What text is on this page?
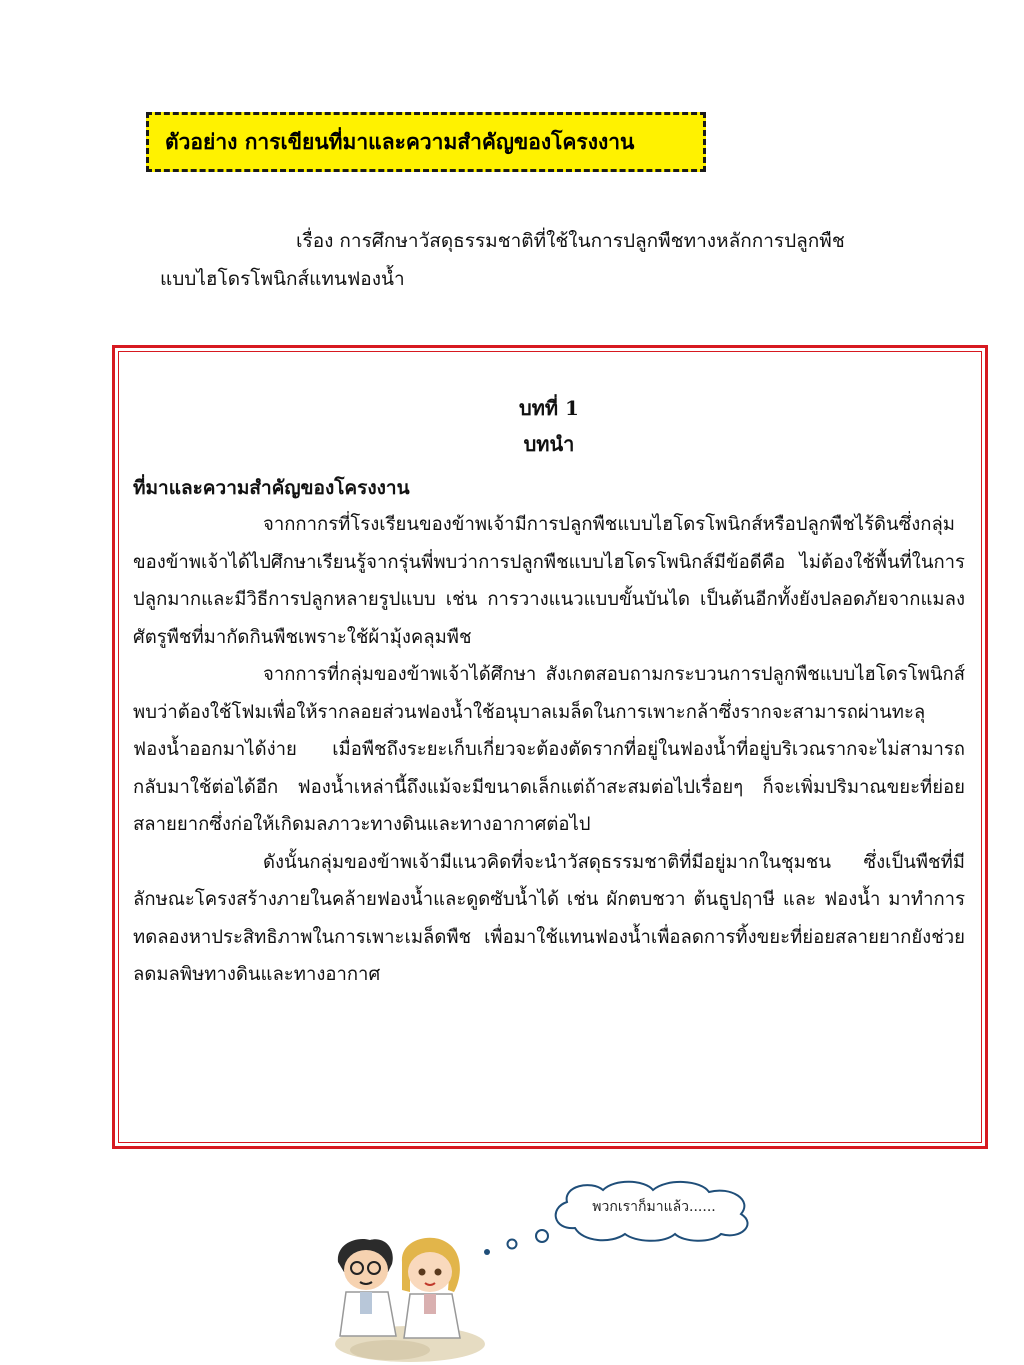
ตัวอย่าง การเขียนที่มาและความสำคัญของโครงงาน
เรื่อง การศึกษาวัสดุธรรมชาติที่ใช้ในการปลูกพืชทางหลักการปลูกพืช
แบบไฮโดรโพนิกส์แทนฟองน้ำ
บทที่ 1
บทนำ
ที่มาและความสำคัญของโครงงาน

จากกากรที่โรงเรียนของข้าพเจ้ามีการปลูกพืชแบบไฮโดรโพนิกส์หรือปลูกพืชไร้ดินซึ่งกลุ่มของข้าพเจ้าได้ไปศึกษาเรียนรู้จากรุ่นพี่พบว่าการปลูกพืชแบบไฮโดรโพนิกส์มีข้อดีคือ ไม่ต้องใช้พื้นที่ในการปลูกมากและมีวิธีการปลูกหลายรูปแบบ เช่น การวางแนวแบบขั้นบันได เป็นต้นอีกทั้งยังปลอดภัยจากแมลงศัตรูพืชที่มากัดกินพืชเพราะใช้ผ้ามุ้งคลุมพืช

จากการที่กลุ่มของข้าพเจ้าได้ศึกษา สังเกตสอบถามกระบวนการปลูกพืชแบบไฮโดรโพนิกส์พบว่าต้องใช้โฟมเพื่อให้รากลอยส่วนฟองน้ำใช้อนุบาลเมล็ดในการเพาะกล้าซึ่งรากจะสามารถผ่านทะลุฟองน้ำออกมาได้ง่าย เมื่อพืชถึงระยะเก็บเกี่ยวจะต้องตัดรากที่อยู่ในฟองน้ำที่อยู่บริเวณรากจะไม่สามารถกลับมาใช้ต่อได้อีก ฟองน้ำเหล่านี้ถึงแม้จะมีขนาดเล็กแต่ถ้าสะสมต่อไปเรื่อยๆ ก็จะเพิ่มปริมาณขยะที่ย่อยสลายยากซึ่งก่อให้เกิดมลภาวะทางดินและทางอากาศต่อไป

ดังนั้นกลุ่มของข้าพเจ้ามีแนวคิดที่จะนำวัสดุธรรมชาติที่มีอยู่มากในชุมชน ซึ่งเป็นพืชที่มีลักษณะโครงสร้างภายในคล้ายฟองน้ำและดูดซับน้ำได้ เช่น ผักตบชวา ต้นธูปฤาษี และ ฟองน้ำ มาทำการทดลองหาประสิทธิภาพในการเพาะเมล็ดพืช เพื่อมาใช้แทนฟองน้ำเพื่อลดการทิ้งขยะที่ย่อยสลายยากยังช่วยลดมลพิษทางดินและทางอากาศ

พวกเราก็มาแล้ว......
